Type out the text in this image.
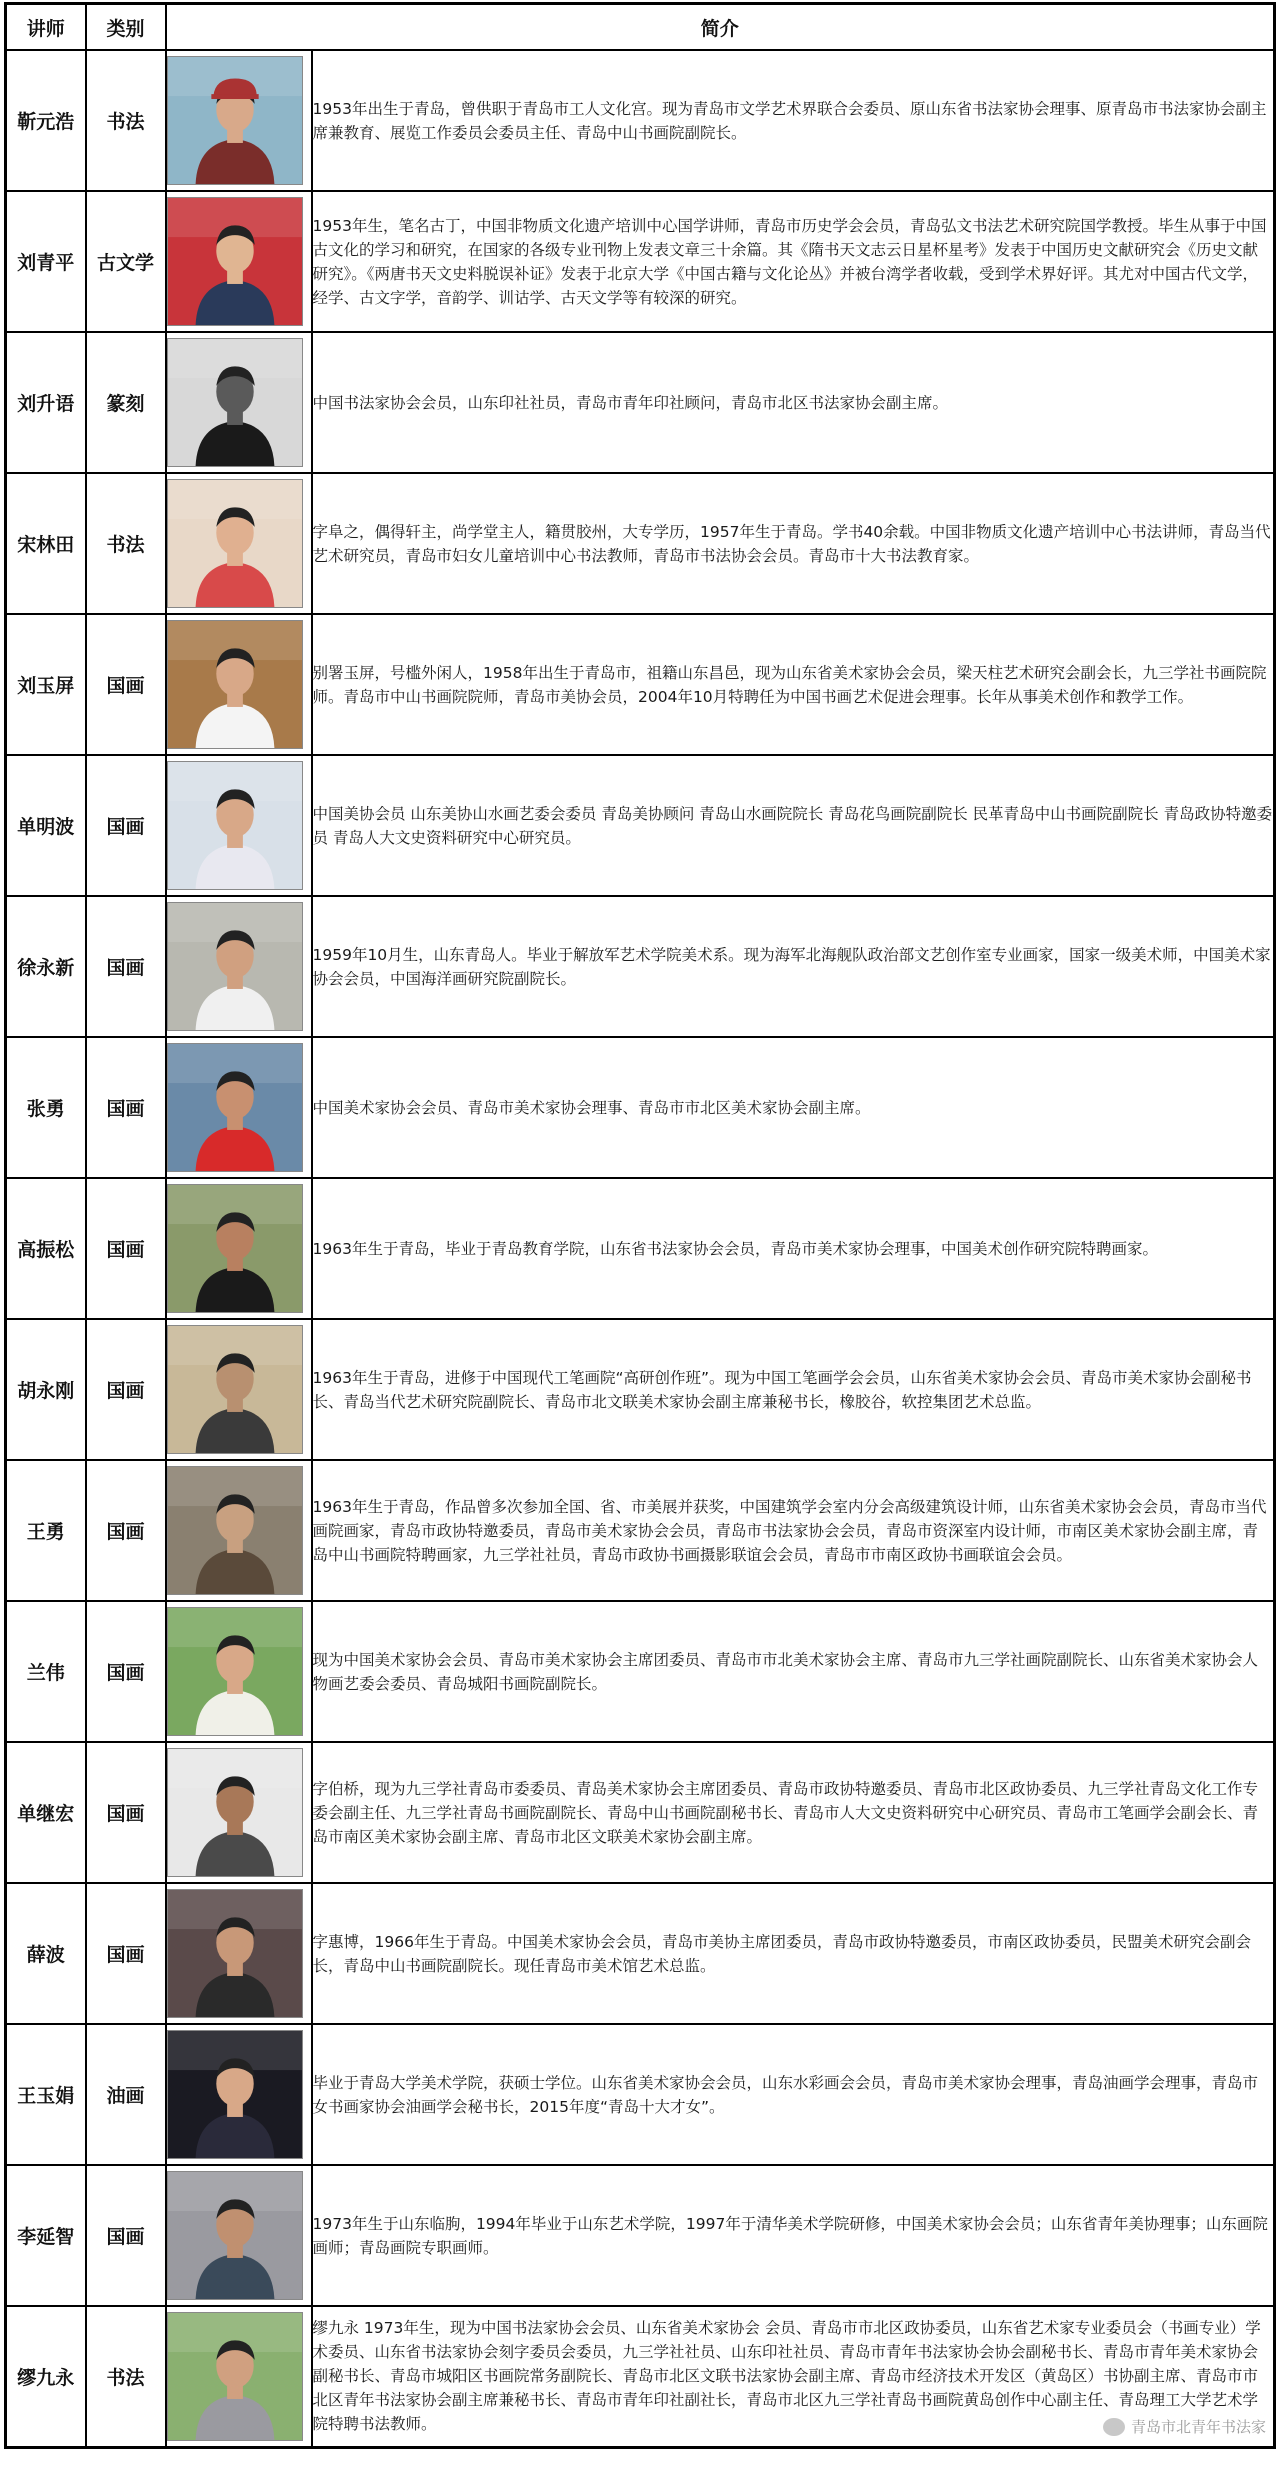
讲师	类别	简介	
靳元浩	书法		1953年出生于青岛，曾供职于青岛市工人文化宫。现为青岛市文学艺术界联合会委员、原山东省书法家协会理事、原青岛市书法家协会副主席兼教育、展览工作委员会委员主任、青岛中山书画院副院长。
刘青平	古文学		1953年生，笔名古丁，中国非物质文化遗产培训中心国学讲师，青岛市历史学会会员，青岛弘文书法艺术研究院国学教授。毕生从事于中国古文化的学习和研究，在国家的各级专业刊物上发表文章三十余篇。其《隋书天文志云日星杯星考》发表于中国历史文献研究会《历史文献研究》。《两唐书天文史料脱误补证》发表于北京大学《中国古籍与文化论丛》并被台湾学者收载，受到学术界好评。其尤对中国古代文学，经学、古文字学，音韵学、训诂学、古天文学等有较深的研究。
刘升语	篆刻		中国书法家协会会员，山东印社社员，青岛市青年印社顾问，青岛市北区书法家协会副主席。
宋林田	书法		字阜之，偶得轩主，尚学堂主人，籍贯胶州，大专学历，1957年生于青岛。学书40余载。中国非物质文化遗产培训中心书法讲师，青岛当代艺术研究员，青岛市妇女儿童培训中心书法教师，青岛市书法协会会员。青岛市十大书法教育家。
刘玉屏	国画		别署玉屏，号槛外闲人，1958年出生于青岛市，祖籍山东昌邑，现为山东省美术家协会会员，梁天柱艺术研究会副会长，九三学社书画院院师。青岛市中山书画院院师，青岛市美协会员，2004年10月特聘任为中国书画艺术促进会理事。长年从事美术创作和教学工作。
单明波	国画		中国美协会员 山东美协山水画艺委会委员 青岛美协顾问 青岛山水画院院长 青岛花鸟画院副院长 民革青岛中山书画院副院长 青岛政协特邀委员 青岛人大文史资料研究中心研究员。
徐永新	国画		1959年10月生，山东青岛人。毕业于解放军艺术学院美术系。现为海军北海舰队政治部文艺创作室专业画家，国家一级美术师，中国美术家协会会员，中国海洋画研究院副院长。
张勇	国画		中国美术家协会会员、青岛市美术家协会理事、青岛市市北区美术家协会副主席。
高振松	国画		1963年生于青岛，毕业于青岛教育学院，山东省书法家协会会员，青岛市美术家协会理事，中国美术创作研究院特聘画家。
胡永刚	国画		1963年生于青岛，进修于中国现代工笔画院“高研创作班”。现为中国工笔画学会会员，山东省美术家协会会员、青岛市美术家协会副秘书长、青岛当代艺术研究院副院长、青岛市北文联美术家协会副主席兼秘书长，橡胶谷，软控集团艺术总监。
王勇	国画		1963年生于青岛，作品曾多次参加全国、省、市美展并获奖，中国建筑学会室内分会高级建筑设计师，山东省美术家协会会员，青岛市当代画院画家，青岛市政协特邀委员，青岛市美术家协会会员，青岛市书法家协会会员，青岛市资深室内设计师，市南区美术家协会副主席，青岛中山书画院特聘画家，九三学社社员，青岛市政协书画摄影联谊会会员，青岛市市南区政协书画联谊会会员。
兰伟	国画		现为中国美术家协会会员、青岛市美术家协会主席团委员、青岛市市北美术家协会主席、青岛市九三学社画院副院长、山东省美术家协会人物画艺委会委员、青岛城阳书画院副院长。
单继宏	国画		字伯桥，现为九三学社青岛市委委员、青岛美术家协会主席团委员、青岛市政协特邀委员、青岛市北区政协委员、九三学社青岛文化工作专委会副主任、九三学社青岛书画院副院长、青岛中山书画院副秘书长、青岛市人大文史资料研究中心研究员、青岛市工笔画学会副会长、青岛市南区美术家协会副主席、青岛市北区文联美术家协会副主席。
薛波	国画		字惠博，1966年生于青岛。中国美术家协会会员，青岛市美协主席团委员，青岛市政协特邀委员，市南区政协委员，民盟美术研究会副会长，青岛中山书画院副院长。现任青岛市美术馆艺术总监。
王玉娟	油画		毕业于青岛大学美术学院，获硕士学位。山东省美术家协会会员，山东水彩画会会员，青岛市美术家协会理事，青岛油画学会理事，青岛市女书画家协会油画学会秘书长，2015年度“青岛十大才女”。
李延智	国画		1973年生于山东临朐，1994年毕业于山东艺术学院，1997年于清华美术学院研修，中国美术家协会会员；山东省青年美协理事；山东画院画师；青岛画院专职画师。
缪九永	书法		缪九永 1973年生，现为中国书法家协会会员、山东省美术家协会 会员、青岛市市北区政协委员，山东省艺术家专业委员会（书画专业）学术委员、山东省书法家协会刻字委员会委员，九三学社社员、山东印社社员、青岛市青年书法家协会协会副秘书长、青岛市青年美术家协会副秘书长、青岛市城阳区书画院常务副院长、青岛市北区文联书法家协会副主席、青岛市经济技术开发区（黄岛区）书协副主席、青岛市市北区青年书法家协会副主席兼秘书长、青岛市青年印社副社长，青岛市北区九三学社青岛书画院黄岛创作中心副主任、青岛理工大学艺术学院特聘书法教师。	青岛市北青年书法家
